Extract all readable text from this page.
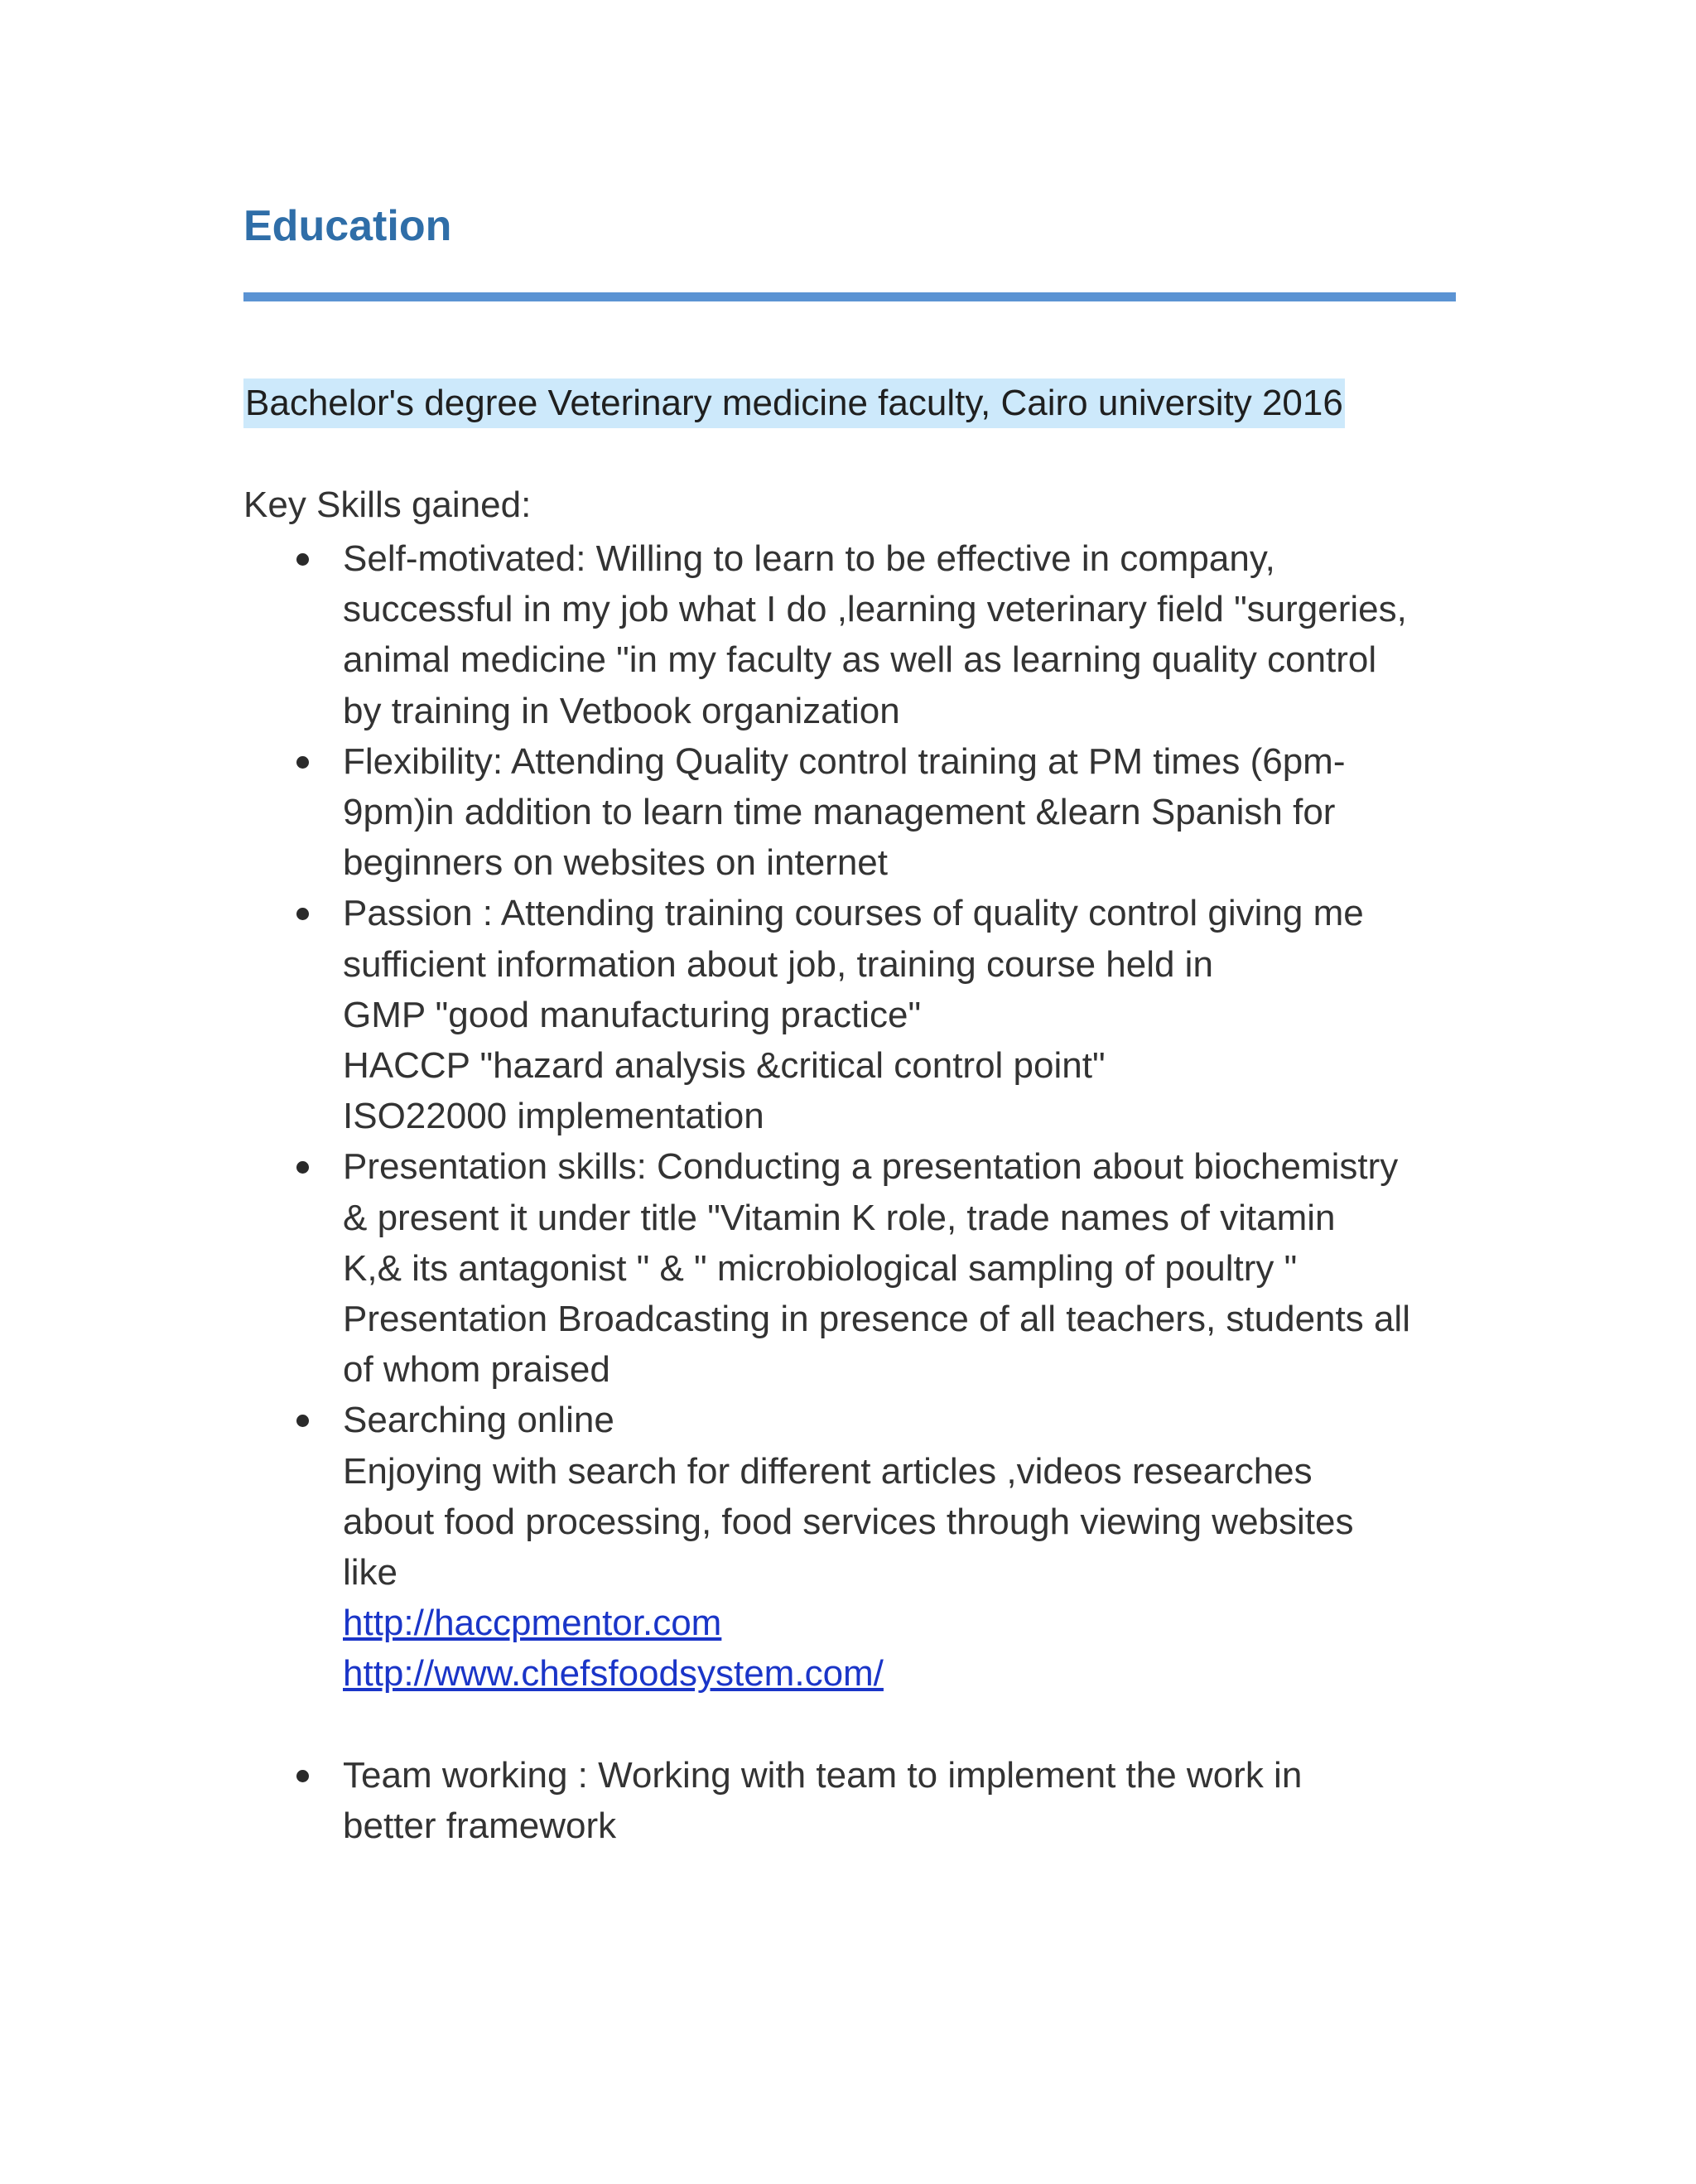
Education
Bachelor's degree Veterinary medicine faculty, Cairo university 2016
Key Skills gained:
Self-motivated: Willing to learn to be effective in company,
successful in my job what I do ,learning veterinary field "surgeries,
animal medicine "in my faculty as well as learning quality control
by training in Vetbook organization
Flexibility: Attending Quality control training at PM times (6pm-
9pm)in addition to learn time management &learn Spanish for
beginners on websites on internet
Passion : Attending training courses of quality control giving me
sufficient information about job, training course held in
GMP "good manufacturing practice"
HACCP "hazard analysis &critical control point"
ISO22000 implementation
Presentation skills: Conducting a presentation about biochemistry
& present it under title "Vitamin K role, trade names of vitamin
K,& its antagonist " & " microbiological sampling of poultry "
Presentation Broadcasting in presence of all teachers, students all
of whom praised
Searching online
Enjoying with search for different articles ,videos researches
about food processing, food services through viewing websites
like
http://haccpmentor.com
http://www.chefsfoodsystem.com/
Team working : Working with team to implement the work in
better framework
